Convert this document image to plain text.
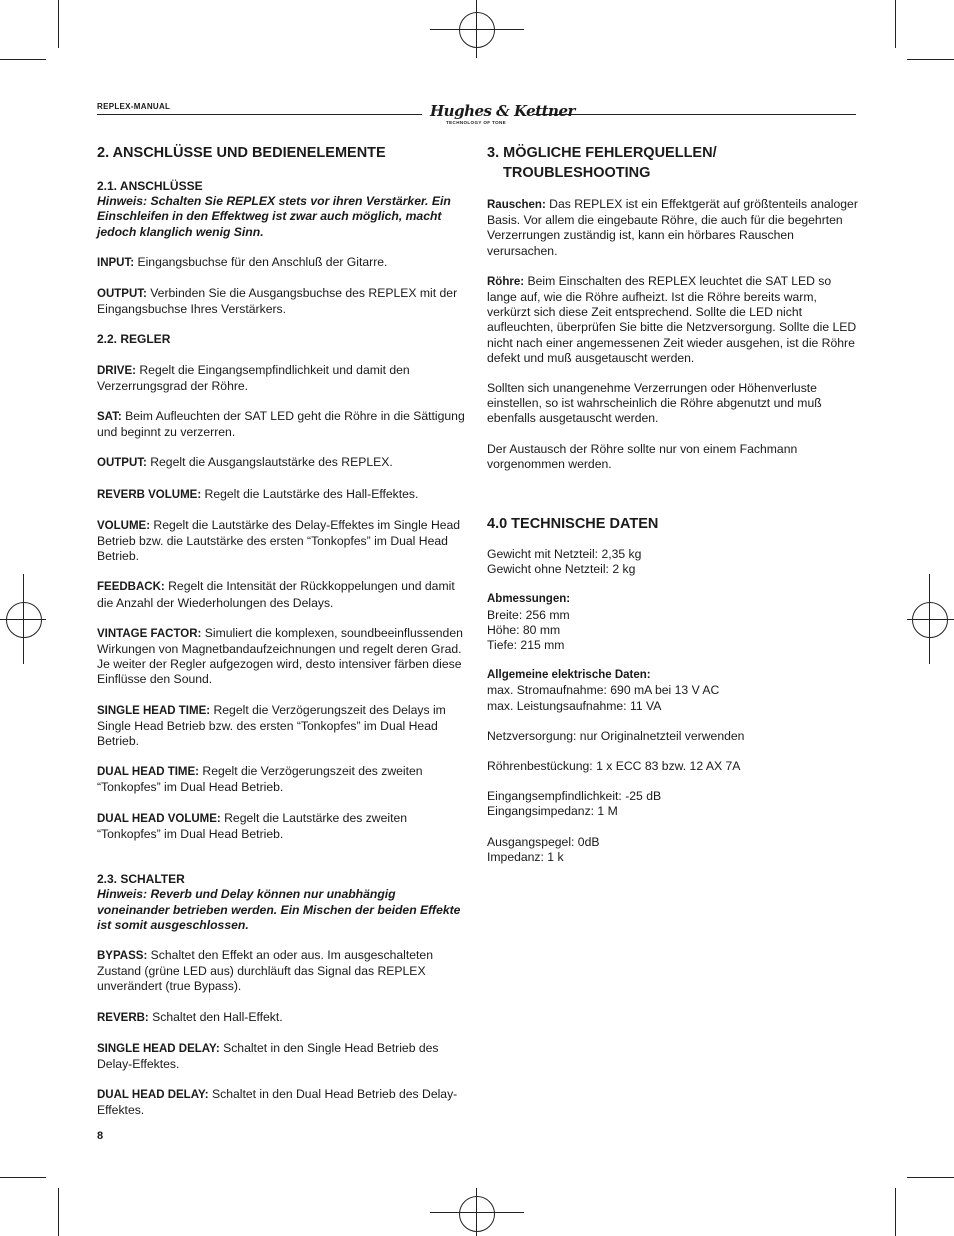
REPLEX-MANUAL	Hughes & Kettner
TECHNOLOGY OF TONE
2. ANSCHLÜSSE UND BEDIENELEMENTE
2.1. ANSCHLÜSSE

Hinweis: Schalten Sie REPLEX stets vor ihren Verstärker. Ein Einschleifen in den Effektweg ist zwar auch möglich, macht jedoch klanglich wenig Sinn.

INPUT: Eingangsbuchse für den Anschluß der Gitarre.

OUTPUT: Verbinden Sie die Ausgangsbuchse des REPLEX mit der Eingangsbuchse Ihres Verstärkers.

2.2. REGLER

DRIVE: Regelt die Eingangsempfindlichkeit und damit den Verzerrungsgrad der Röhre.

SAT: Beim Aufleuchten der SAT LED geht die Röhre in die Sättigung und beginnt zu verzerren.

OUTPUT: Regelt die Ausgangslautstärke des REPLEX.

REVERB VOLUME: Regelt die Lautstärke des Hall-Effektes.

VOLUME: Regelt die Lautstärke des Delay-Effektes im Single Head Betrieb bzw. die Lautstärke des ersten “Tonkopfes” im Dual Head Betrieb.

FEEDBACK: Regelt die Intensität der Rückkoppelungen und damit die Anzahl der Wiederholungen des Delays.

VINTAGE FACTOR: Simuliert die komplexen, soundbeeinflussenden Wirkungen von Magnetbandaufzeichnungen und regelt deren Grad. Je weiter der Regler aufgezogen wird, desto intensiver färben diese Einflüsse den Sound.

SINGLE HEAD TIME: Regelt die Verzögerungszeit des Delays im Single Head Betrieb bzw. des ersten “Tonkopfes” im Dual Head Betrieb.

DUAL HEAD TIME: Regelt die Verzögerungszeit des zweiten “Tonkopfes” im Dual Head Betrieb.

DUAL HEAD VOLUME: Regelt die Lautstärke des zweiten “Tonkopfes” im Dual Head Betrieb.

2.3. SCHALTER

Hinweis: Reverb und Delay können nur unabhängig voneinander betrieben werden. Ein Mischen der beiden Effekte ist somit ausgeschlossen.

BYPASS: Schaltet den Effekt an oder aus. Im ausgeschalteten Zustand (grüne LED aus) durchläuft das Signal das REPLEX unverändert (true Bypass).

REVERB: Schaltet den Hall-Effekt.

SINGLE HEAD DELAY: Schaltet in den Single Head Betrieb des Delay-Effektes.

DUAL HEAD DELAY: Schaltet in den Dual Head Betrieb des Delay-Effektes.

3. MÖGLICHE FEHLERQUELLEN/
TROUBLESHOOTING

Rauschen: Das REPLEX ist ein Effektgerät auf größtenteils analoger Basis. Vor allem die eingebaute Röhre, die auch für die begehrten Verzerrungen zuständig ist, kann ein hörbares Rauschen verursachen.

Röhre: Beim Einschalten des REPLEX leuchtet die SAT LED so lange auf, wie die Röhre aufheizt. Ist die Röhre bereits warm, verkürzt sich diese Zeit entsprechend. Sollte die LED nicht aufleuchten, überprüfen Sie bitte die Netzversorgung. Sollte die LED nicht nach einer angemessenen Zeit wieder ausgehen, ist die Röhre defekt und muß ausgetauscht werden.

Sollten sich unangenehme Verzerrungen oder Höhenverluste einstellen, so ist wahrscheinlich die Röhre abgenutzt und muß ebenfalls ausgetauscht werden.

Der Austausch der Röhre sollte nur von einem Fachmann vorgenommen werden.

4.0 TECHNISCHE DATEN

Gewicht mit Netzteil: 2,35 kg

Gewicht ohne Netzteil: 2 kg

Abmessungen:

Breite: 256 mm

Höhe: 80 mm

Tiefe: 215 mm

Allgemeine elektrische Daten:

max. Stromaufnahme: 690 mA bei 13 V AC

max. Leistungsaufnahme: 11 VA

Netzversorgung: nur Originalnetzteil verwenden

Röhrenbestückung: 1 x ECC 83 bzw. 12 AX 7A

Eingangsempfindlichkeit: -25 dB

Eingangsimpedanz: 1 M

Ausgangspegel: 0dB

Impedanz: 1 k

8
